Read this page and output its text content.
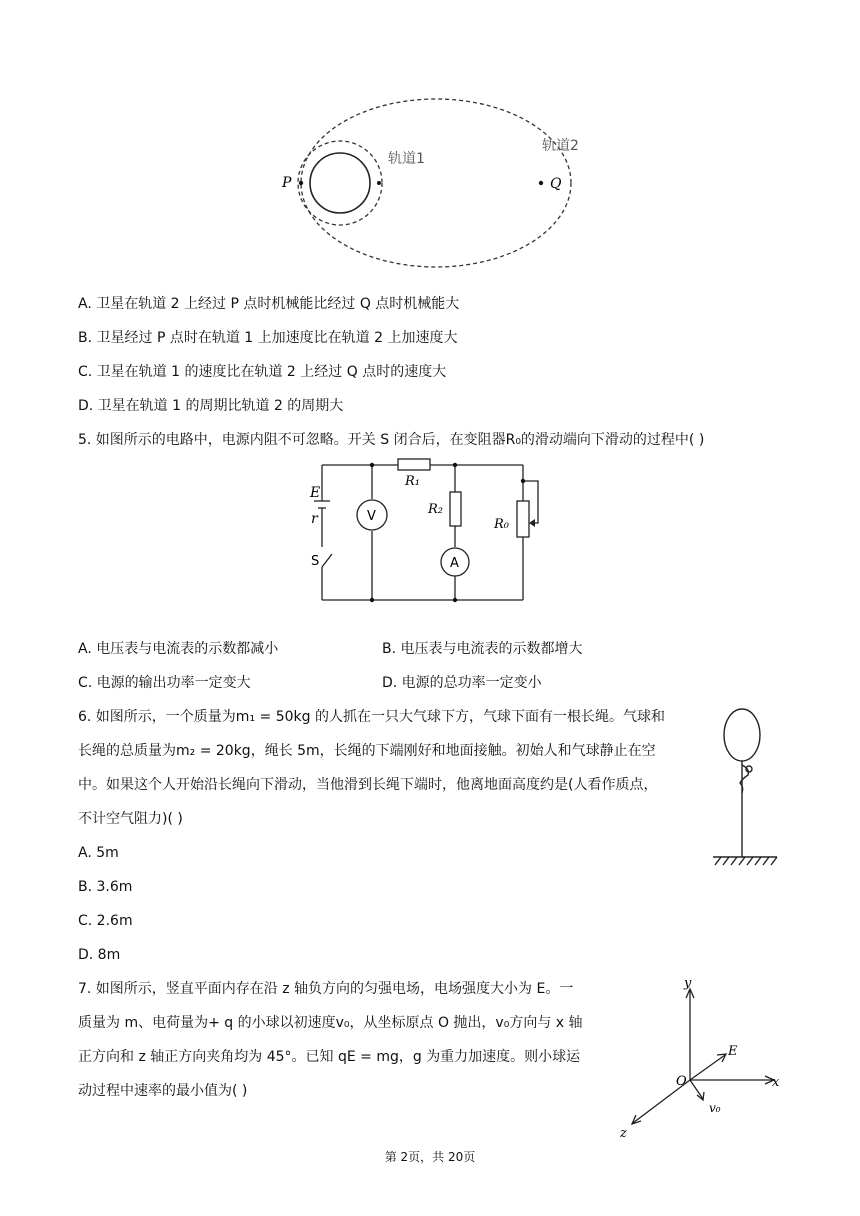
P	Q
轨道1
轨道2
A. 卫星在轨道 2 上经过 P 点时机械能比经过 Q 点时机械能大
B. 卫星经过 P 点时在轨道 1 上加速度比在轨道 2 上加速度大
C. 卫星在轨道 1 的速度比在轨道 2 上经过 Q 点时的速度大
D. 卫星在轨道 1 的周期比轨道 2 的周期大
5. 如图所示的电路中，电源内阻不可忽略。开关 S 闭合后，在变阻器R₀的滑动端向下滑动的过程中( )
E
r
S
V
A
R₁
R₂
R₀
A. 电压表与电流表的示数都减小	B. 电压表与电流表的示数都增大
C. 电源的输出功率一定变大	D. 电源的总功率一定变小
6. 如图所示，一个质量为m₁ = 50kg 的人抓在一只大气球下方，气球下面有一根长绳。气球和
长绳的总质量为m₂ = 20kg，绳长 5m，长绳的下端刚好和地面接触。初始人和气球静止在空
中。如果这个人开始沿长绳向下滑动，当他滑到长绳下端时，他离地面高度约是(人看作质点，
不计空气阻力)( )
A. 5m
B. 3.6m
C. 2.6m
D. 8m
7. 如图所示，竖直平面内存在沿 z 轴负方向的匀强电场，电场强度大小为 E。一
质量为 m、电荷量为+ q 的小球以初速度v₀，从坐标原点 O 抛出，v₀方向与 x 轴
正方向和 z 轴正方向夹角均为 45°。已知 qE = mg，g 为重力加速度。则小球运
动过程中速率的最小值为( )
y
x
z
O
E
v₀
第 2页，共 20页
